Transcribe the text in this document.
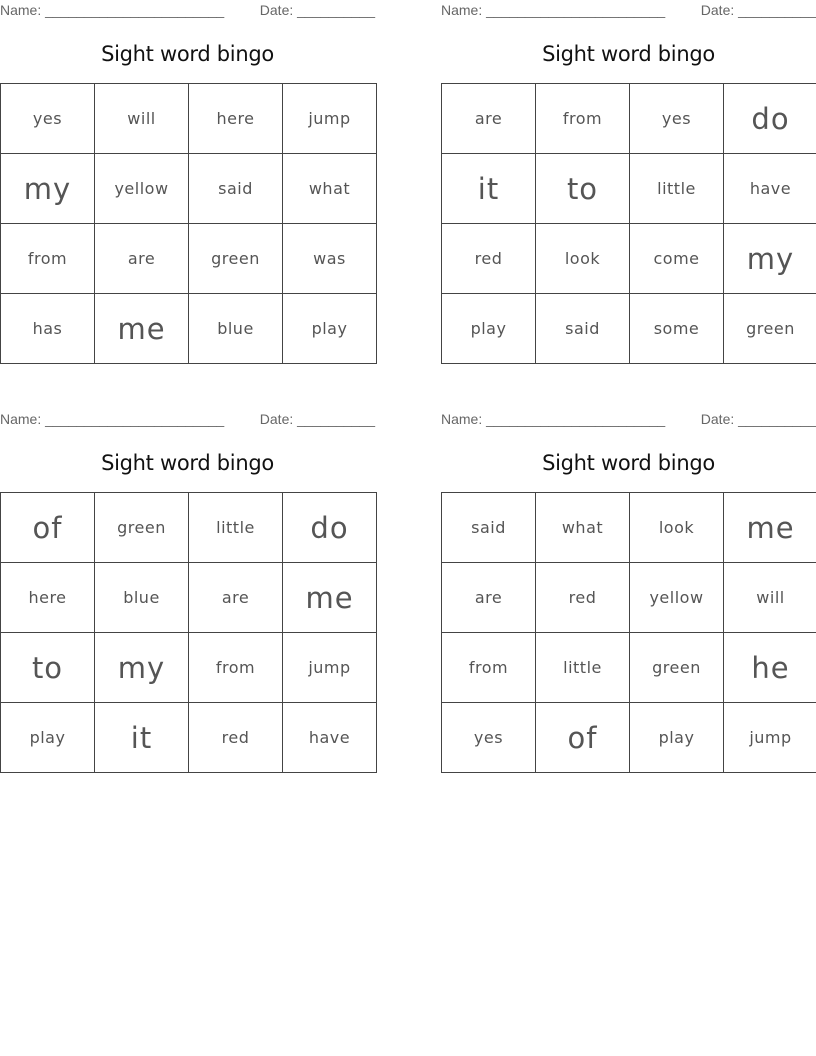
Name: _______________________	Date: __________
Sight word bingo
yes	will	here	jump
my	yellow	said	what
from	are	green	was
has	me	blue	play
Name: _______________________	Date: __________
Sight word bingo
are	from	yes	do
it	to	little	have
red	look	come	my
play	said	some	green
Name: _______________________	Date: __________
Sight word bingo
of	green	little	do
here	blue	are	me
to	my	from	jump
play	it	red	have
Name: _______________________	Date: __________
Sight word bingo
said	what	look	me
are	red	yellow	will
from	little	green	he
yes	of	play	jump
